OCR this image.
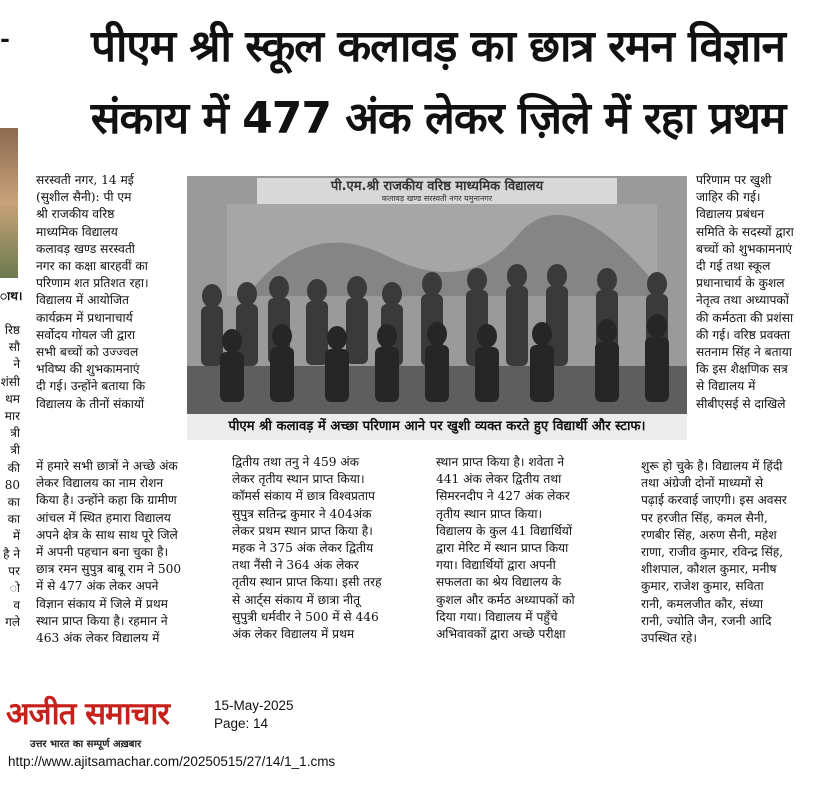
पीएम श्री स्कूल कलावड़ का छात्र रमन विज्ञान
संकाय में 477 अंक लेकर ज़िले में रहा प्रथम
-
ाथ।
रिष्ठ
सौ
ने
शंसी
थम
मार
त्री
त्री
की
80
का
का
में
है ने
पर
ो व
गले
सरस्वती नगर, 14 मई
(सुशील सैनी): पी एम
श्री राजकीय वरिष्ठ
माध्यमिक विद्यालय
कलावड़ खण्ड सरस्वती
नगर का कक्षा बारहवीं का
परिणाम शत प्रतिशत रहा।
विद्यालय में आयोजित
कार्यक्रम में प्रधानाचार्य
सर्वोदय गोयल जी द्वारा
सभी बच्चों को उज्ज्वल
भविष्य की शुभकामनाएं
दी गई। उन्होंने बताया कि
विद्यालय के तीनों संकायों
में हमारे सभी छात्रों ने अच्छे अंक
लेकर विद्यालय का नाम रोशन
किया है। उन्होंने कहा कि ग्रामीण
आंचल में स्थित हमारा विद्यालय
अपने क्षेत्र के साथ साथ पूरे जिले
में अपनी पहचान बना चुका है।
छात्र रमन सुपुत्र बाबू राम ने 500
में से 477 अंक लेकर अपने
विज्ञान संकाय में जिले में प्रथम
स्थान प्राप्त किया है। रहमान ने
463 अंक लेकर विद्यालय में
पी.एम.श्री राजकीय वरिष्ठ माध्यमिक विद्यालय
कलावड़ खण्ड सरस्वती नगर यमुनानगर
पीएम श्री कलावड़ में अच्छा परिणाम आने पर खुशी व्यक्त करते हुए विद्यार्थी और स्टाफ।
द्वितीय तथा तनु ने 459 अंक
लेकर तृतीय स्थान प्राप्त किया।
कॉमर्स संकाय में छात्र विश्वप्रताप
सुपुत्र सतिन्द्र कुमार ने 404अंक
लेकर प्रथम स्थान प्राप्त किया है।
महक ने 375 अंक लेकर द्वितीय
तथा नैंसी ने 364 अंक लेकर
तृतीय स्थान प्राप्त किया। इसी तरह
से आर्ट्स संकाय में छात्रा नीतू
सुपुत्री धर्मवीर ने 500 में से 446
अंक लेकर विद्यालय में प्रथम
स्थान प्राप्त किया है। शवेता ने
441 अंक लेकर द्वितीय तथा
सिमरनदीप ने 427 अंक लेकर
तृतीय स्थान प्राप्त किया।
विद्यालय के कुल 41 विद्यार्थियों
द्वारा मेरिट में स्थान प्राप्त किया
गया। विद्यार्थियों द्वारा अपनी
सफलता का श्रेय विद्यालय के
कुशल और कर्मठ अध्यापकों को
दिया गया। विद्यालय में पहुँचे
अभिवावकों द्वारा अच्छे परीक्षा
परिणाम पर खुशी
जाहिर की गई।
विद्यालय प्रबंधन
समिति के सदस्यों द्वारा
बच्चों को शुभकामनाएं
दी गई तथा स्कूल
प्रधानाचार्य के कुशल
नेतृत्व तथा अध्यापकों
की कर्मठता की प्रशंसा
की गई। वरिष्ठ प्रवक्ता
सतनाम सिंह ने बताया
कि इस शैक्षणिक सत्र
से विद्यालय में
सीबीएसई से दाखिले
शुरू हो चुके है। विद्यालय में हिंदी
तथा अंग्रेजी दोनों माध्यमों से
पढ़ाई करवाई जाएगी। इस अवसर
पर हरजीत सिंह, कमल सैनी,
रणबीर सिंह, अरुण सैनी, महेश
राणा, राजीव कुमार, रविन्द्र सिंह,
शीशपाल, कौशल कुमार, मनीष
कुमार, राजेश कुमार, सविता
रानी, कमलजीत कौर, संध्या
रानी, ज्योति जैन, रजनी आदि
उपस्थित रहे।
अजीत समाचार
उत्तर भारत का सम्पूर्ण अख़बार
15-May-2025
Page: 14
http://www.ajitsamachar.com/20250515/27/14/1_1.cms
